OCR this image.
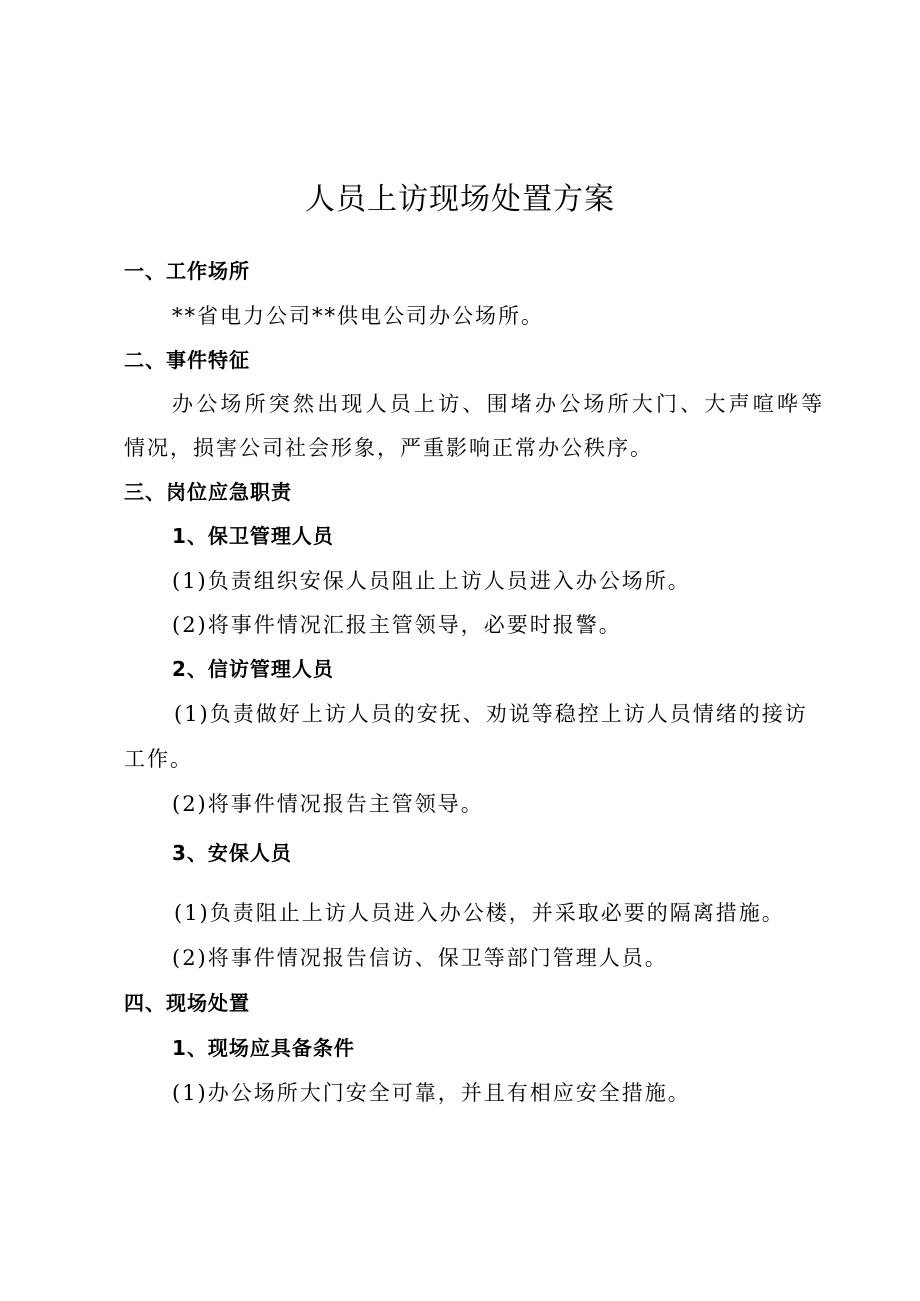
人员上访现场处置方案
一、工作场所
**省电力公司**供电公司办公场所。
二、事件特征
办公场所突然出现人员上访、围堵办公场所大门、大声喧哗等
情况，损害公司社会形象，严重影响正常办公秩序。
三、岗位应急职责
1、保卫管理人员
(1)负责组织安保人员阻止上访人员进入办公场所。
(2)将事件情况汇报主管领导，必要时报警。
2、信访管理人员
(1)负责做好上访人员的安抚、劝说等稳控上访人员情绪的接访
工作。
(2)将事件情况报告主管领导。
3、安保人员
(1)负责阻止上访人员进入办公楼，并采取必要的隔离措施。
(2)将事件情况报告信访、保卫等部门管理人员。
四、现场处置
1、现场应具备条件
(1)办公场所大门安全可靠，并且有相应安全措施。
